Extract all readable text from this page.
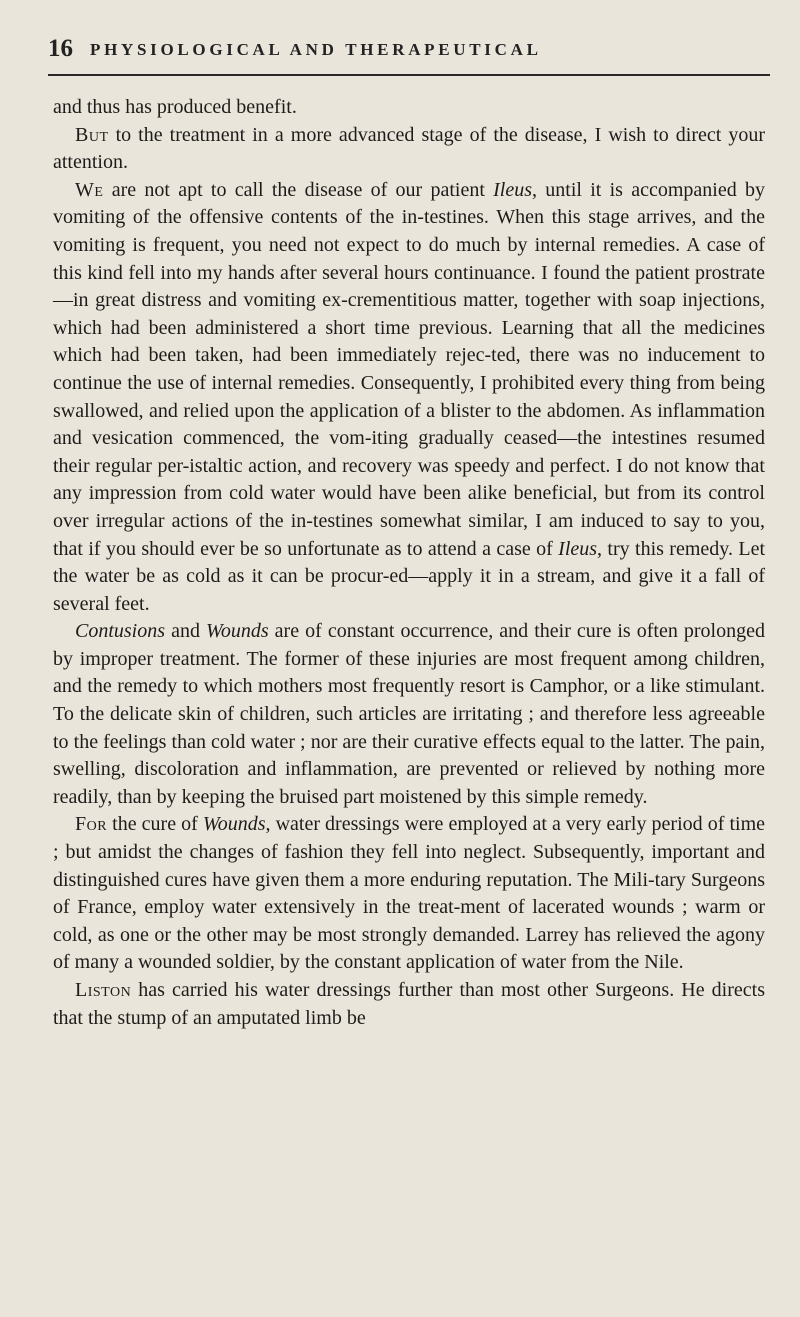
16 PHYSIOLOGICAL AND THERAPEUTICAL

and thus has produced benefit.

But to the treatment in a more advanced stage of the disease, I wish to direct your attention.

We are not apt to call the disease of our patient Ileus, until it is accompanied by vomiting of the offensive contents of the in-testines. When this stage arrives, and the vomiting is frequent, you need not expect to do much by internal remedies. A case of this kind fell into my hands after several hours continuance. I found the patient prostrate—in great distress and vomiting ex-crementitious matter, together with soap injections, which had been administered a short time previous. Learning that all the medicines which had been taken, had been immediately rejec-ted, there was no inducement to continue the use of internal remedies. Consequently, I prohibited every thing from being swallowed, and relied upon the application of a blister to the abdomen. As inflammation and vesication commenced, the vom-iting gradually ceased—the intestines resumed their regular per-istaltic action, and recovery was speedy and perfect. I do not know that any impression from cold water would have been alike beneficial, but from its control over irregular actions of the in-testines somewhat similar, I am induced to say to you, that if you should ever be so unfortunate as to attend a case of Ileus, try this remedy. Let the water be as cold as it can be procur-ed—apply it in a stream, and give it a fall of several feet.

Contusions and Wounds are of constant occurrence, and their cure is often prolonged by improper treatment. The former of these injuries are most frequent among children, and the remedy to which mothers most frequently resort is Camphor, or a like stimulant. To the delicate skin of children, such articles are irritating ; and therefore less agreeable to the feelings than cold water ; nor are their curative effects equal to the latter. The pain, swelling, discoloration and inflammation, are prevented or relieved by nothing more readily, than by keeping the bruised part moistened by this simple remedy.

For the cure of Wounds, water dressings were employed at a very early period of time ; but amidst the changes of fashion they fell into neglect. Subsequently, important and distinguished cures have given them a more enduring reputation. The Mili-tary Surgeons of France, employ water extensively in the treat-ment of lacerated wounds ; warm or cold, as one or the other may be most strongly demanded. Larrey has relieved the agony of many a wounded soldier, by the constant application of water from the Nile.

Liston has carried his water dressings further than most other Surgeons. He directs that the stump of an amputated limb be
